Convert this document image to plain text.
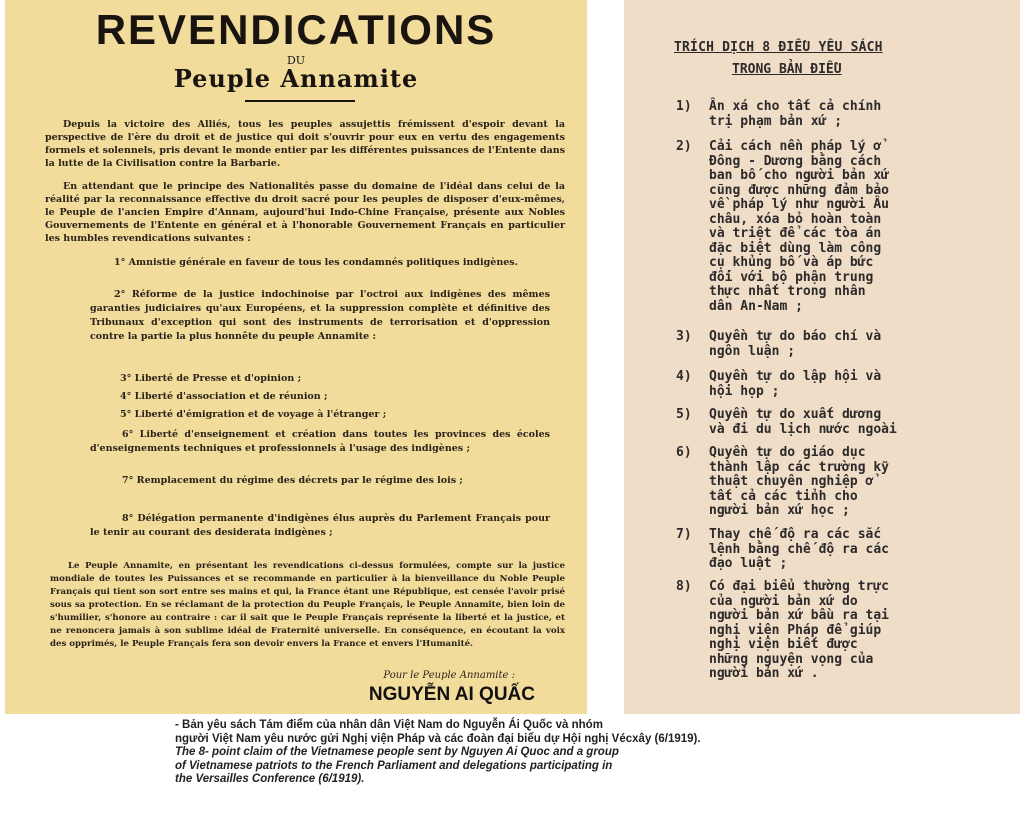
REVENDICATIONS
DU
Peuple Annamite
Depuis la victoire des Alliés, tous les peuples assujettis frémissent d'espoir devant la perspective de l'ère du droit et de justice qui doit s'ouvrir pour eux en vertu des engagements formels et solennels, pris devant le monde entier par les différentes puissances de l'Entente dans la lutte de la Civilisation contre la Barbarie.
En attendant que le principe des Nationalités passe du domaine de l'idéal dans celui de la réalité par la reconnaissance effective du droit sacré pour les peuples de disposer d'eux-mêmes, le Peuple de l'ancien Empire d'Annam, aujourd'hui Indo-Chine Française, présente aux Nobles Gouvernements de l'Entente en général et à l'honorable Gouvernement Français en particulier les humbles revendications suivantes :
1° Amnistie générale en faveur de tous les condamnés politiques indigènes.
2° Réforme de la justice indochinoise par l'octroi aux indigènes des mêmes garanties judiciaires qu'aux Européens, et la suppression complète et définitive des Tribunaux d'exception qui sont des instruments de terrorisation et d'oppression contre la partie la plus honnête du peuple Annamite :
3° Liberté de Presse et d'opinion ;
4° Liberté d'association et de réunion ;
5° Liberté d'émigration et de voyage à l'étranger ;
6° Liberté d'enseignement et création dans toutes les provinces des écoles d'enseignements techniques et professionnels à l'usage des indigènes ;
7° Remplacement du régime des décrets par le régime des lois ;
8° Délégation permanente d'indigènes élus auprès du Parlement Français pour le tenir au courant des desiderata indigènes ;
Le Peuple Annamite, en présentant les revendications ci-dessus formulées, compte sur la justice mondiale de toutes les Puissances et se recommande en particulier à la bienveillance du Noble Peuple Français qui tient son sort entre ses mains et qui, la France étant une République, est censée l'avoir prisé sous sa protection. En se réclamant de la protection du Peuple Français, le Peuple Annamite, bien loin de s'humilier, s'honore au contraire : car il sait que le Peuple Français représente la liberté et la justice, et ne renoncera jamais à son sublime idéal de Fraternité universelle. En conséquence, en écoutant la voix des opprimés, le Peuple Français fera son devoir envers la France et envers l'Humanité.
Pour le Peuple Annamite :
NGUYỄN AI QUẤC
TRÍCH DỊCH 8 ĐIỀU YÊU SÁCH
TRONG BẢN ĐIỀU
1)	Ân xá cho tất cả chính
trị phạm bản xứ ;
2)	Cải cách nền pháp lý ở
Đông - Dương bằng cách
ban bố cho người bản xứ
cũng được những đảm bảo
về pháp lý như người Âu
châu, xóa bỏ hoàn toàn
và triệt để các tòa án
đặc biệt dùng làm công
cụ khủng bố và áp bức
đối với bộ phận trung
thực nhất trong nhân
dân An-Nam ;
3)	Quyền tự do báo chí và
ngôn luận ;
4)	Quyền tự do lập hội và
hội họp ;
5)	Quyền tự do xuất dương
và đi du lịch nước ngoài
6)	Quyền tự do giáo dục
thành lập các trường kỹ
thuật chuyên nghiệp ở
tất cả các tỉnh cho
người bản xứ học ;
7)	Thay chế độ ra các sắc
lệnh bằng chế độ ra các
đạo luật ;
8)	Có đại biểu thường trực
của người bản xứ do
người bản xứ bầu ra tại
nghị viện Pháp để giúp
nghị viện biết được
những nguyện vọng của
người bản xứ .
- Bản yêu sách Tám điểm của nhân dân Việt Nam do Nguyễn Ái Quốc và nhóm
người Việt Nam yêu nước gửi Nghị viện Pháp và các đoàn đại biểu dự Hội nghị Vécxây (6/1919).
The 8- point claim of the Vietnamese people sent by Nguyen Ai Quoc and a group
of Vietnamese patriots to the French Parliament and delegations participating in
the Versailles Conference (6/1919).
